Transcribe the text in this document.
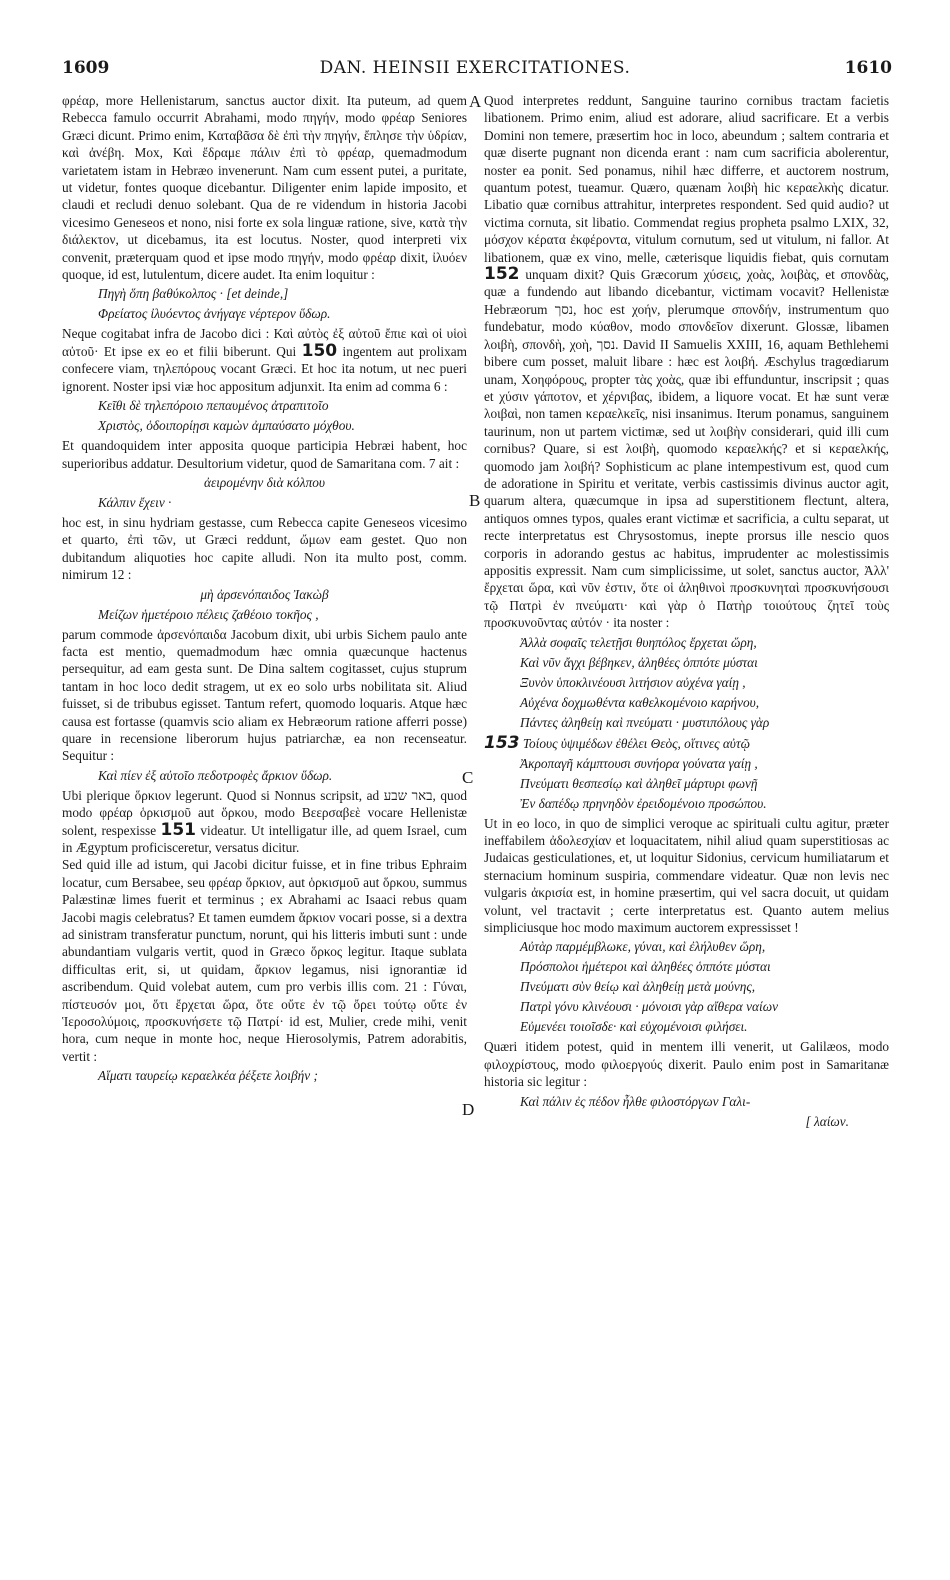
1609	DAN. HEINSII EXERCITATIONES.	1610
A
B
C
D

φρέαρ, more Hellenistarum, sanctus auctor dixit. Ita puteum, ad quem Rebecca famulo occurrit Abrahami, modo πηγήν, modo φρέαρ Seniores Græci dicunt. Primo enim, Καταβᾶσα δὲ ἐπὶ τὴν πηγήν, ἔπλησε τὴν ὑδρίαν, καὶ ἀνέβη. Mox, Καὶ ἔδραμε πάλιν ἐπὶ τὸ φρέαρ, quemadmodum varietatem istam in Hebræo invenerunt. Nam cum essent putei, a puritate, ut videtur, fontes quoque dicebantur. Diligenter enim lapide imposito, et claudi et recludi denuo solebant. Qua de re videndum in historia Jacobi vicesimo Geneseos et nono, nisi forte ex sola linguæ ratione, sive, κατὰ τὴν διάλεκτον, ut dicebamus, ita est locutus. Noster, quod interpreti vix convenit, præterquam quod et ipse modo πηγήν, modo φρέαρ dixit, ἰλυόεν quoque, id est, lutulentum, dicere audet. Ita enim loquitur :

Πηγὴ ὅπη βαθύκολπος · [et deinde,]
Φρείατος ἰλυόεντος ἀνήγαγε νέρτερον ὕδωρ.

Neque cogitabat infra de Jacobo dici : Καὶ αὐτὸς ἐξ αὐτοῦ ἔπιε καὶ οἱ υἱοὶ αὐτοῦ· Et ipse ex eo et filii biberunt. Qui 150 ingentem aut prolixam confecere viam, τηλεπόρους vocant Græci. Et hoc ita notum, ut nec pueri ignorent. Noster ipsi viæ hoc appositum adjunxit. Ita enim ad comma 6 :

Κεῖθι δὲ τηλεπόροιο πεπαυμένος ἀτραπιτοῖο
Χριστὸς, ὁδοιπορίῃσι καμὼν ἀμπαύσατο μόχθου.

Et quandoquidem inter apposita quoque participia Hebræi habent, hoc superioribus addatur. Desultorium videtur, quod de Samaritana com. 7 ait :

ἀειρομένην διὰ κόλπου
Κάλπιν ἔχειν ·

hoc est, in sinu hydriam gestasse, cum Rebecca capite Geneseos vicesimo et quarto, ἐπὶ τῶν, ut Græci reddunt, ὤμων eam gestet. Quo non dubitandum aliquoties hoc capite alludi. Non ita multo post, comm. nimirum 12 :

μὴ ἀρσενόπαιδος Ἰακὼβ
Μείζων ἡμετέροιο πέλεις ζαθέοιο τοκῆος ,

parum commode ἀρσενόπαιδα Jacobum dixit, ubi urbis Sichem paulo ante facta est mentio, quemadmodum hæc omnia quæcunque hactenus persequitur, ad eam gesta sunt. De Dina saltem cogitasset, cujus stuprum tantam in hoc loco dedit stragem, ut ex eo solo urbs nobilitata sit. Aliud fuisset, si de tribubus egisset. Tantum refert, quomodo loquaris. Atque hæc causa est fortasse (quamvis scio aliam ex Hebræorum ratione afferri posse) quare in recensione liberorum hujus patriarchæ, ea non recenseatur. Sequitur :

Καὶ πίεν ἐξ αὐτοῖο πεδοτροφὲς ἄρκιον ὕδωρ.

Ubi plerique ὅρκιον legerunt. Quod si Nonnus scripsit, ad באר שבע, quod modo φρέαρ ὁρκισμοῦ aut ὅρκου, modo Βεερσαβεὲ vocare Hellenistæ solent, respexisse 151 videatur. Ut intelligatur ille, ad quem Israel, cum in Ægyptum proficisceretur, versatus dicitur.

Sed quid ille ad istum, qui Jacobi dicitur fuisse, et in fine tribus Ephraim locatur, cum Bersabee, seu φρέαρ ὅρκιον, aut ὁρκισμοῦ aut ὅρκου, summus Palæstinæ limes fuerit et terminus ; ex Abrahami ac Isaaci rebus quam Jacobi magis celebratus? Et tamen eumdem ἄρκιον vocari posse, si a dextra ad sinistram transferatur punctum, norunt, qui his litteris imbuti sunt : unde abundantiam vulgaris vertit, quod in Græco ὅρκος legitur. Itaque sublata difficultas erit, si, ut quidam, ἄρκιον legamus, nisi ignorantiæ id ascribendum. Quid volebat autem, cum pro verbis illis com. 21 : Γύναι, πίστευσόν μοι, ὅτι ἔρχεται ὥρα, ὅτε οὔτε ἐν τῷ ὄρει τούτῳ οὔτε ἐν Ἱεροσολύμοις, προσκυνήσετε τῷ Πατρί· id est, Mulier, crede mihi, venit hora, cum neque in monte hoc, neque Hierosolymis, Patrem adorabitis, vertit :

Αἵματι ταυρείῳ κεραελκέα ῥέξετε λοιβήν ;

Quod interpretes reddunt, Sanguine taurino cornibus tractam facietis libationem. Primo enim, aliud est adorare, aliud sacrificare. Et a verbis Domini non temere, præsertim hoc in loco, abeundum ; saltem contraria et quæ diserte pugnant non dicenda erant : nam cum sacrificia abolerentur, noster ea ponit. Sed ponamus, nihil hæc differre, et auctorem nostrum, quantum potest, tueamur. Quæro, quænam λοιβὴ hic κεραελκὴς dicatur. Libatio quæ cornibus attrahitur, interpretes respondent. Sed quid audio? ut victima cornuta, sit libatio. Commendat regius propheta psalmo LXIX, 32, μόσχον κέρατα ἐκφέροντα, vitulum cornutum, sed ut vitulum, ni fallor. At libationem, quæ ex vino, melle, cæterisque liquidis fiebat, quis cornutam 152 unquam dixit? Quis Græcorum χύσεις, χοὰς, λοιβὰς, et σπονδὰς, quæ a fundendo aut libando dicebantur, victimam vocavit? Hellenistæ Hebræorum נסך, hoc est χοήν, plerumque σπονδήν, instrumentum quo fundebatur, modo κύαθον, modo σπονδεῖον dixerunt. Glossæ, libamen λοιβὴ, σπονδὴ, χοὴ, נסך. David II Samuelis XXIII, 16, aquam Bethlehemi bibere cum posset, maluit libare : hæc est λοιβή. Æschylus tragœdiarum unam, Χοηφόρους, propter τὰς χοὰς, quæ ibi effunduntur, inscripsit ; quas et χύσιν γάποτον, et χέρνιβας, ibidem, a liquore vocat. Et hæ sunt veræ λοιβαὶ, non tamen κεραελκεῖς, nisi insanimus. Iterum ponamus, sanguinem taurinum, non ut partem victimæ, sed ut λοιβὴν considerari, quid illi cum cornibus? Quare, si est λοιβὴ, quomodo κεραελκής? et si κεραελκής, quomodo jam λοιβή? Sophisticum ac plane intempestivum est, quod cum de adoratione in Spiritu et veritate, verbis castissimis divinus auctor agit, quarum altera, quæcumque in ipsa ad superstitionem flectunt, altera, antiquos omnes typos, quales erant victimæ et sacrificia, a cultu separat, ut recte interpretatus est Chrysostomus, inepte prorsus ille nescio quos corporis in adorando gestus ac habitus, imprudenter ac molestissimis appositis expressit. Nam cum simplicissime, ut solet, sanctus auctor, Ἀλλ' ἔρχεται ὥρα, καὶ νῦν ἐστιν, ὅτε οἱ ἀληθινοὶ προσκυνηταὶ προσκυνήσουσι τῷ Πατρὶ ἐν πνεύματι· καὶ γὰρ ὁ Πατὴρ τοιούτους ζητεῖ τοὺς προσκυνοῦντας αὐτόν · ita noster :

Ἀλλὰ σοφαῖς τελετῇσι θυηπόλος ἔρχεται ὥρη,
Καὶ νῦν ἄγχι βέβηκεν, ἀληθέες ὁππότε μύσται
Ξυνὸν ὑποκλινέουσι λιτήσιον αὐχένα γαίῃ ,
Αὐχένα δοχμωθέντα καθελκομένοιο καρήνου,
Πάντες ἀληθείῃ καὶ πνεύματι · μυστιπόλους γὰρ
153 Τοίους ὑψιμέδων ἐθέλει Θεὸς, οἵτινες αὐτῷ
Ἀκροπαγῆ κάμπτουσι συνήορα γούνατα γαίῃ ,
Πνεύματι θεσπεσίῳ καὶ ἀληθεῖ μάρτυρι φωνῇ
Ἐν δαπέδῳ πρηνηδὸν ἐρειδομένοιο προσώπου.

Ut in eo loco, in quo de simplici veroque ac spirituali cultu agitur, præter ineffabilem ἀδολεσχίαν et loquacitatem, nihil aliud quam superstitiosas ac Judaicas gesticulationes, et, ut loquitur Sidonius, cervicum humiliatarum et sternacium hominum suspiria, commendare videatur. Quæ non levis nec vulgaris ἀκρισία est, in homine præsertim, qui vel sacra docuit, ut quidam volunt, vel tractavit ; certe interpretatus est. Quanto autem melius simpliciusque hoc modo maximum auctorem expressisset !

Αὐτὰρ παρμέμβλωκε, γύναι, καὶ ἐλήλυθεν ὥρη,
Πρόσπολοι ἡμέτεροι καὶ ἀληθέες ὁππότε μύσται
Πνεύματι σὺν θείῳ καὶ ἀληθείῃ μετὰ μούνης,
Πατρὶ γόνυ κλινέουσι · μόνοισι γὰρ αἴθερα ναίων
Εὐμενέει τοιοῖσδε· καὶ εὐχομένοισι φιλήσει.

Quæri itidem potest, quid in mentem illi venerit, ut Galilæos, modo φιλοχρίστους, modo φιλοεργούς dixerit. Paulo enim post in Samaritanæ historia sic legitur :

Καὶ πάλιν ἐς πέδον ἦλθε φιλοστόργων Γαλι-
[ λαίων.
